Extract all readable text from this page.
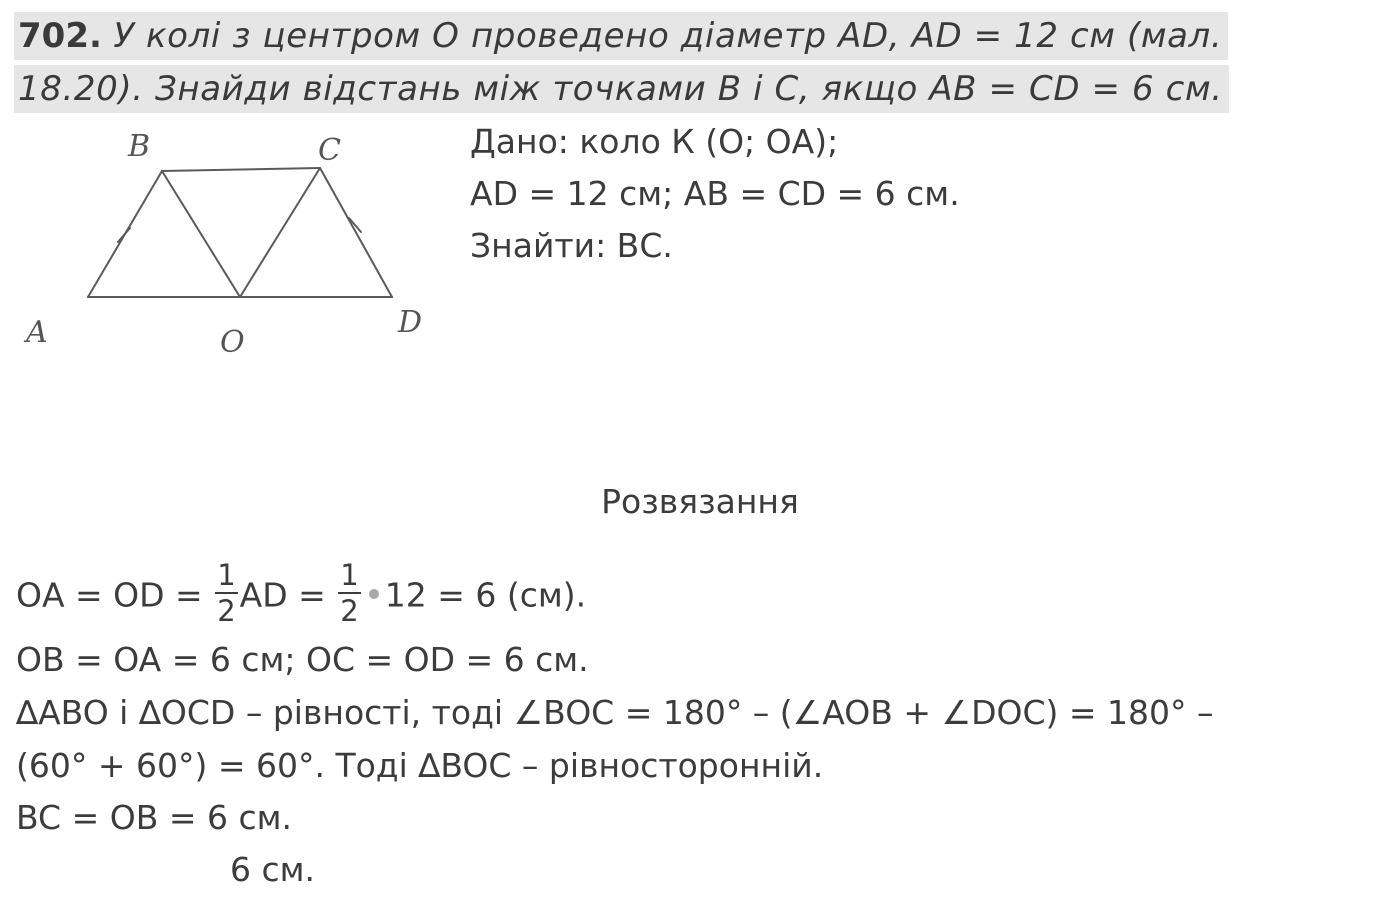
702. У колі з центром О проведено діаметр AD, AD = 12 см (мал.
18.20). Знайди відстань між точками В і С, якщо AB = CD = 6 см.
B	C
A	O
D
Дано: коло К (О; ОА);
AD = 12 см; АВ = CD = 6 см.
Знайти: ВС.
Розвязання
ОА = OD = $\frac{1}{2}$ AD = $\frac{1}{2} 12 = 6$ (см).
OB = OA = 6 см; ОС = OD = 6 см.
∆ABO і ∆OCD – рівності, тоді ∠BOC = 180° – (∠AOB + ∠DOC) = 180° –
(60° + 60°) = 60°. Тоді ∆BOC – рівносторонній.
BC = OB = 6 см.
6 см.
